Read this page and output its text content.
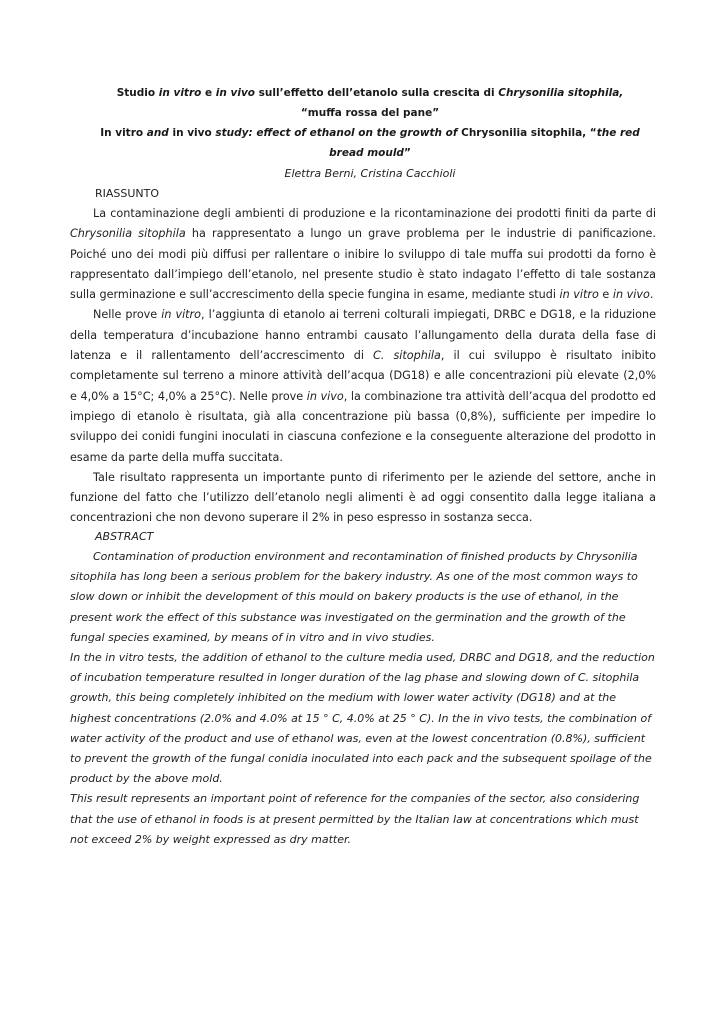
Studio in vitro e in vivo sull’effetto dell’etanolo sulla crescita di Chrysonilia sitophila, “muffa rossa del pane”
In vitro and in vivo study: effect of ethanol on the growth of Chrysonilia sitophila, “the red bread mould”
Elettra Berni, Cristina Cacchioli
RIASSUNTO

La contaminazione degli ambienti di produzione e la ricontaminazione dei prodotti finiti da parte di Chrysonilia sitophila ha rappresentato a lungo un grave problema per le industrie di panificazione. Poiché uno dei modi più diffusi per rallentare o inibire lo sviluppo di tale muffa sui prodotti da forno è rappresentato dall’impiego dell’etanolo, nel presente studio è stato indagato l’effetto di tale sostanza sulla germinazione e sull’accrescimento della specie fungina in esame, mediante studi in vitro e in vivo.

Nelle prove in vitro, l’aggiunta di etanolo ai terreni colturali impiegati, DRBC e DG18, e la riduzione della temperatura d’incubazione hanno entrambi causato l’allungamento della durata della fase di latenza e il rallentamento dell’accrescimento di C. sitophila, il cui sviluppo è risultato inibito completamente sul terreno a minore attività dell’acqua (DG18) e alle concentrazioni più elevate (2,0% e 4,0% a 15°C; 4,0% a 25°C). Nelle prove in vivo, la combinazione tra attività dell’acqua del prodotto ed impiego di etanolo è risultata, già alla concentrazione più bassa (0,8%), sufficiente per impedire lo sviluppo dei conidi fungini inoculati in ciascuna confezione e la conseguente alterazione del prodotto in esame da parte della muffa succitata.

Tale risultato rappresenta un importante punto di riferimento per le aziende del settore, anche in funzione del fatto che l’utilizzo dell’etanolo negli alimenti è ad oggi consentito dalla legge italiana a concentrazioni che non devono superare il 2% in peso espresso in sostanza secca.

ABSTRACT

Contamination of production environment and recontamination of finished products by Chrysonilia sitophila has long been a serious problem for the bakery industry. As one of the most common ways to slow down or inhibit the development of this mould on bakery products is the use of ethanol, in the present work the effect of this substance was investigated on the germination and the growth of the fungal species examined, by means of in vitro and in vivo studies.

In the in vitro tests, the addition of ethanol to the culture media used, DRBC and DG18, and the reduction of incubation temperature resulted in longer duration of the lag phase and slowing down of C. sitophila growth, this being completely inhibited on the medium with lower water activity (DG18) and at the highest concentrations (2.0% and 4.0% at 15 ° C, 4.0% at 25 ° C). In the in vivo tests, the combination of water activity of the product and use of ethanol was, even at the lowest concentration (0.8%), sufficient to prevent the growth of the fungal conidia inoculated into each pack and the subsequent spoilage of the product by the above mold.

This result represents an important point of reference for the companies of the sector, also considering that the use of ethanol in foods is at present permitted by the Italian law at concentrations which must not exceed 2% by weight expressed as dry matter.
